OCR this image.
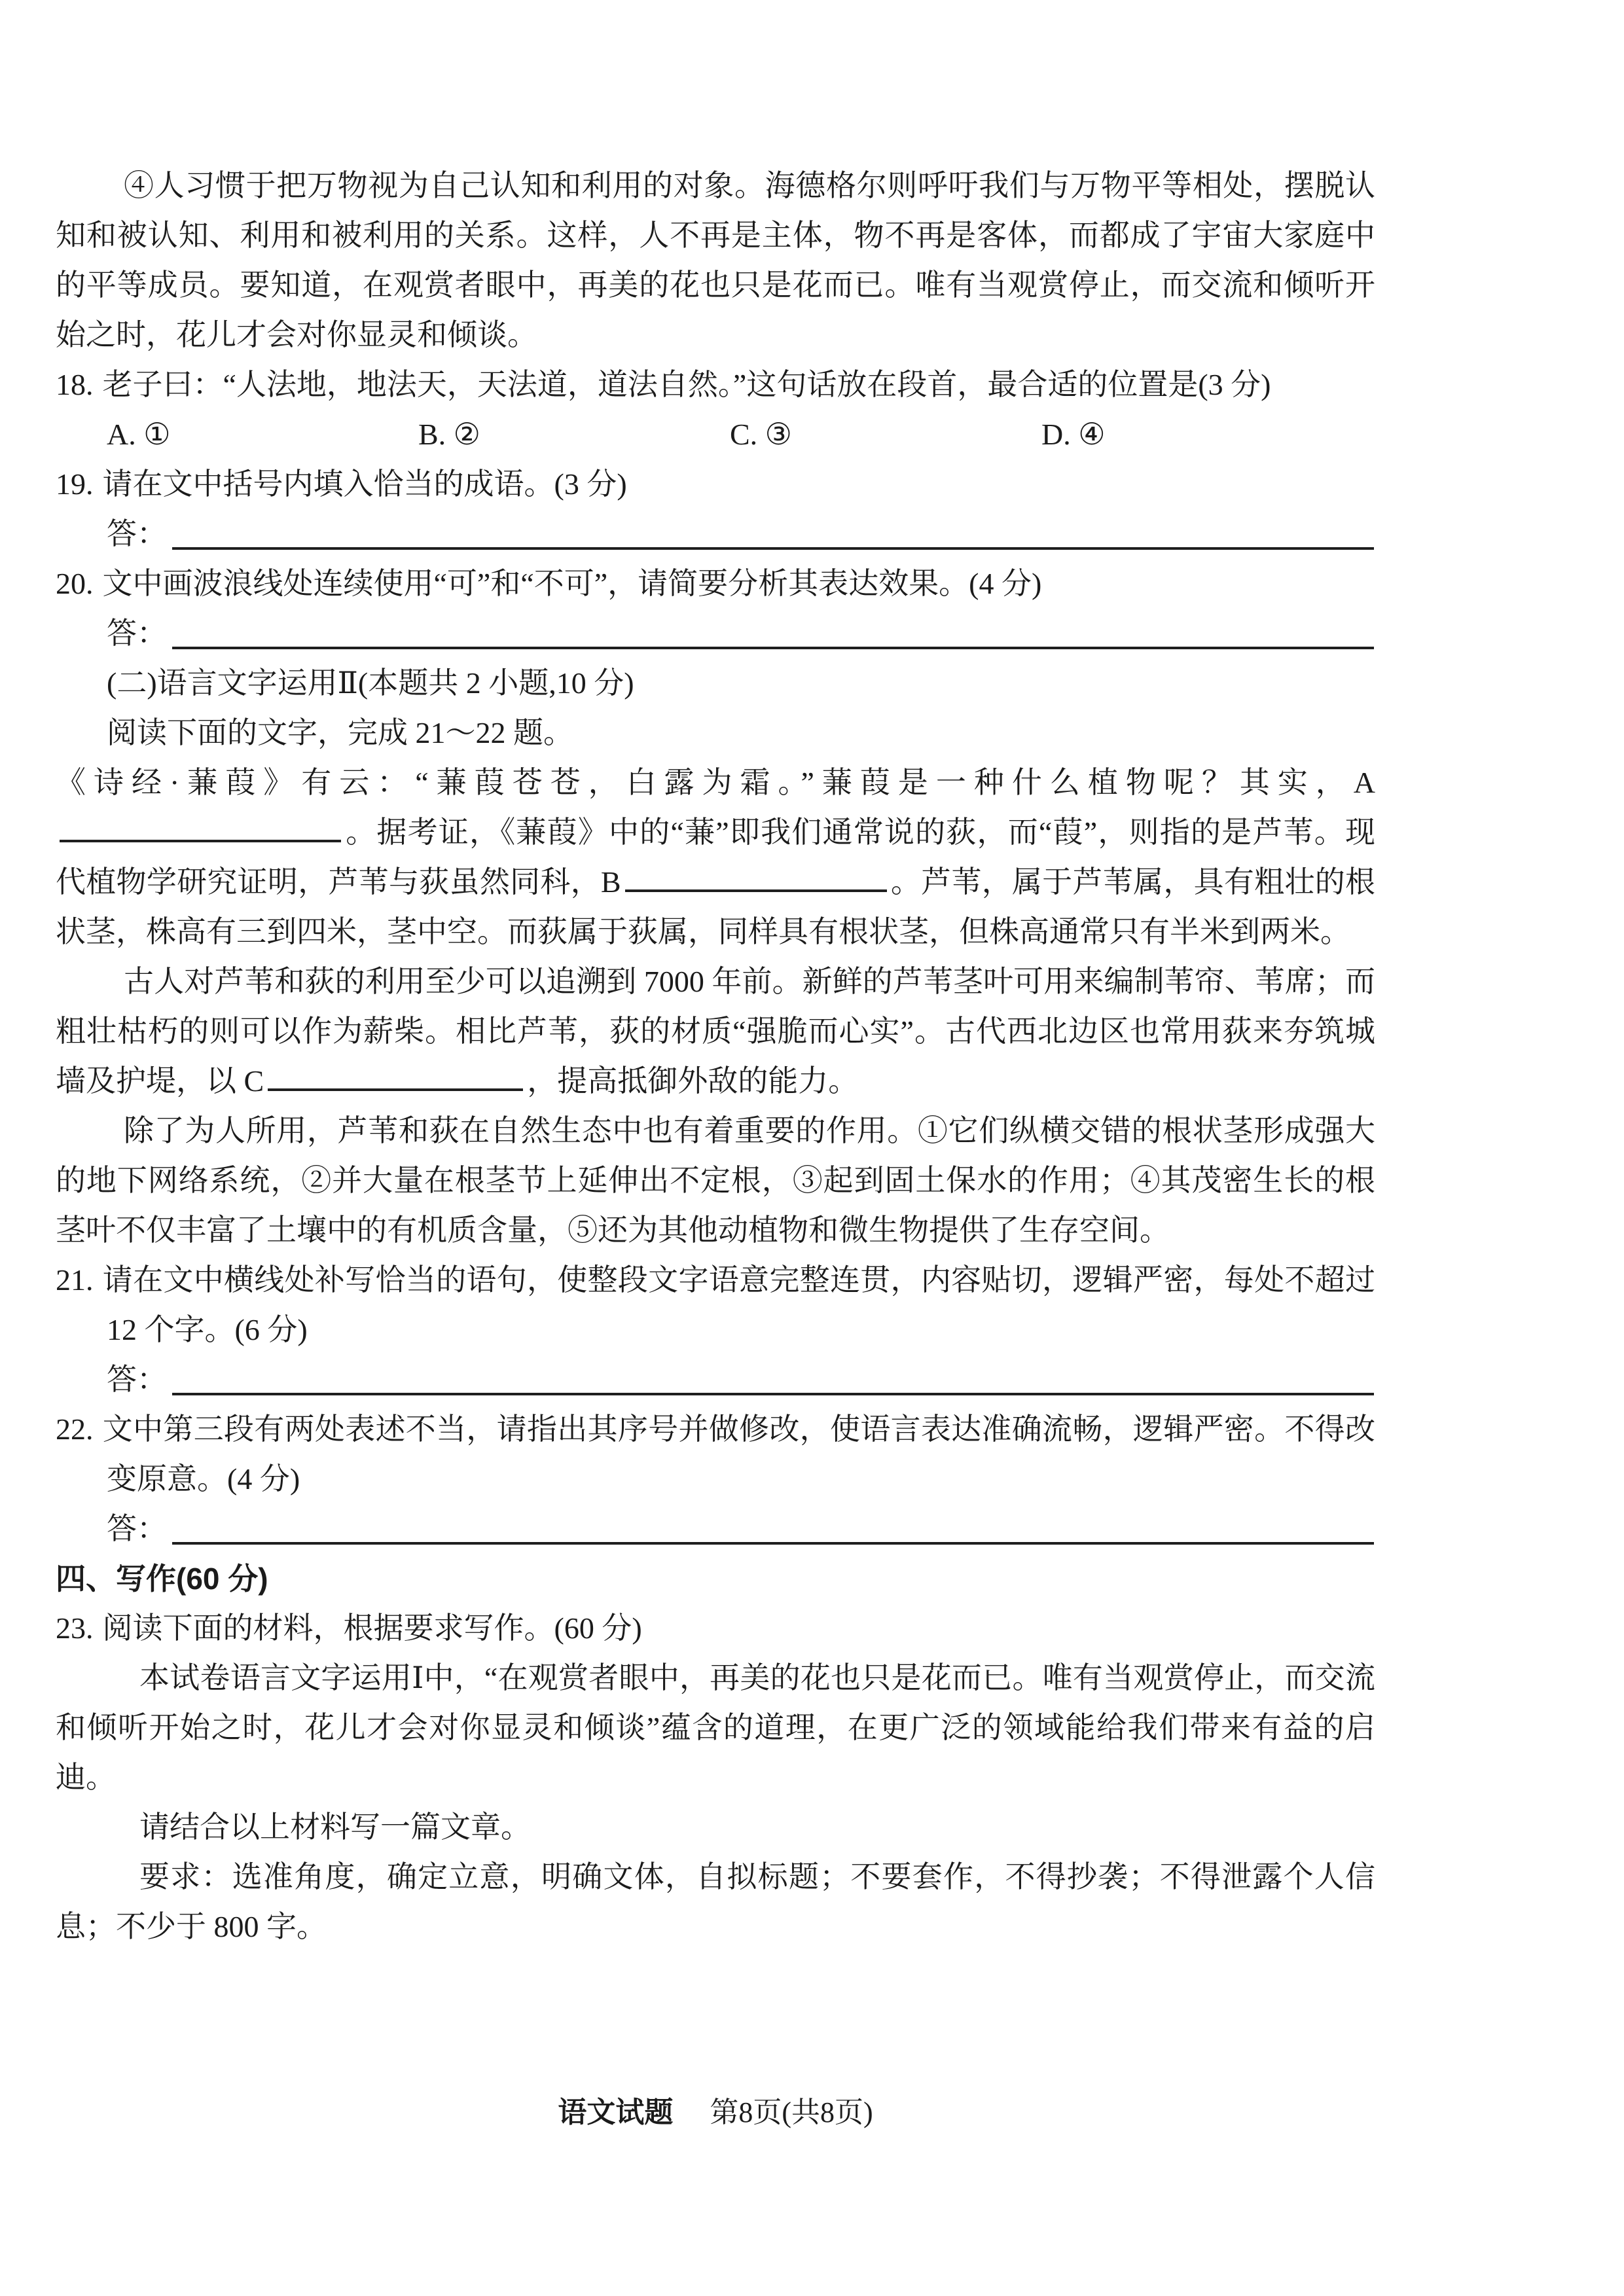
④人习惯于把万物视为自己认知和利用的对象。海德格尔则呼吁我们与万物平等相处，摆脱认知和被认知、利用和被利用的关系。这样，人不再是主体，物不再是客体，而都成了宇宙大家庭中的平等成员。要知道，在观赏者眼中，再美的花也只是花而已。唯有当观赏停止，而交流和倾听开始之时，花儿才会对你显灵和倾谈。

18. 老子曰：“人法地，地法天，天法道，道法自然。”这句话放在段首，最合适的位置是(3 分)

A. ①	B. ②	C. ③	D. ④

19. 请在文中括号内填入恰当的成语。(3 分)

答：

20. 文中画波浪线处连续使用“可”和“不可”，请简要分析其表达效果。(4 分)

答：

(二)语言文字运用Ⅱ(本题共 2 小题,10 分)

阅读下面的文字，完成 21～22 题。

《诗经·蒹葭》有云：“蒹葭苍苍，白露为霜。”蒹葭是一种什么植物呢？其实，A。据考证，《蒹葭》中的“蒹”即我们通常说的荻，而“葭”，则指的是芦苇。现代植物学研究证明，芦苇与荻虽然同科，B	。芦苇，属于芦苇属，具有粗壮的根状茎，株高有三到四米，茎中空。而荻属于荻属，同样具有根状茎，但株高通常只有半米到两米。

古人对芦苇和荻的利用至少可以追溯到 7000 年前。新鲜的芦苇茎叶可用来编制苇帘、苇席；而粗壮枯朽的则可以作为薪柴。相比芦苇，荻的材质“强脆而心实”。古代西北边区也常用荻来夯筑城墙及护堤，以 C	，提高抵御外敌的能力。

除了为人所用，芦苇和荻在自然生态中也有着重要的作用。①它们纵横交错的根状茎形成强大的地下网络系统，②并大量在根茎节上延伸出不定根，③起到固土保水的作用；④其茂密生长的根茎叶不仅丰富了土壤中的有机质含量，⑤还为其他动植物和微生物提供了生存空间。

21. 请在文中横线处补写恰当的语句，使整段文字语意完整连贯，内容贴切，逻辑严密，每处不超过 12 个字。(6 分)

答：

22. 文中第三段有两处表述不当，请指出其序号并做修改，使语言表达准确流畅，逻辑严密。不得改变原意。(4 分)

答：

四、写作(60 分)

23. 阅读下面的材料，根据要求写作。(60 分)

本试卷语言文字运用Ⅰ中，“在观赏者眼中，再美的花也只是花而已。唯有当观赏停止，而交流和倾听开始之时，花儿才会对你显灵和倾谈”蕴含的道理，在更广泛的领域能给我们带来有益的启迪。

请结合以上材料写一篇文章。

要求：选准角度，确定立意，明确文体，自拟标题；不要套作，不得抄袭；不得泄露个人信息；不少于 800 字。

语文试题 第8页(共8页)
